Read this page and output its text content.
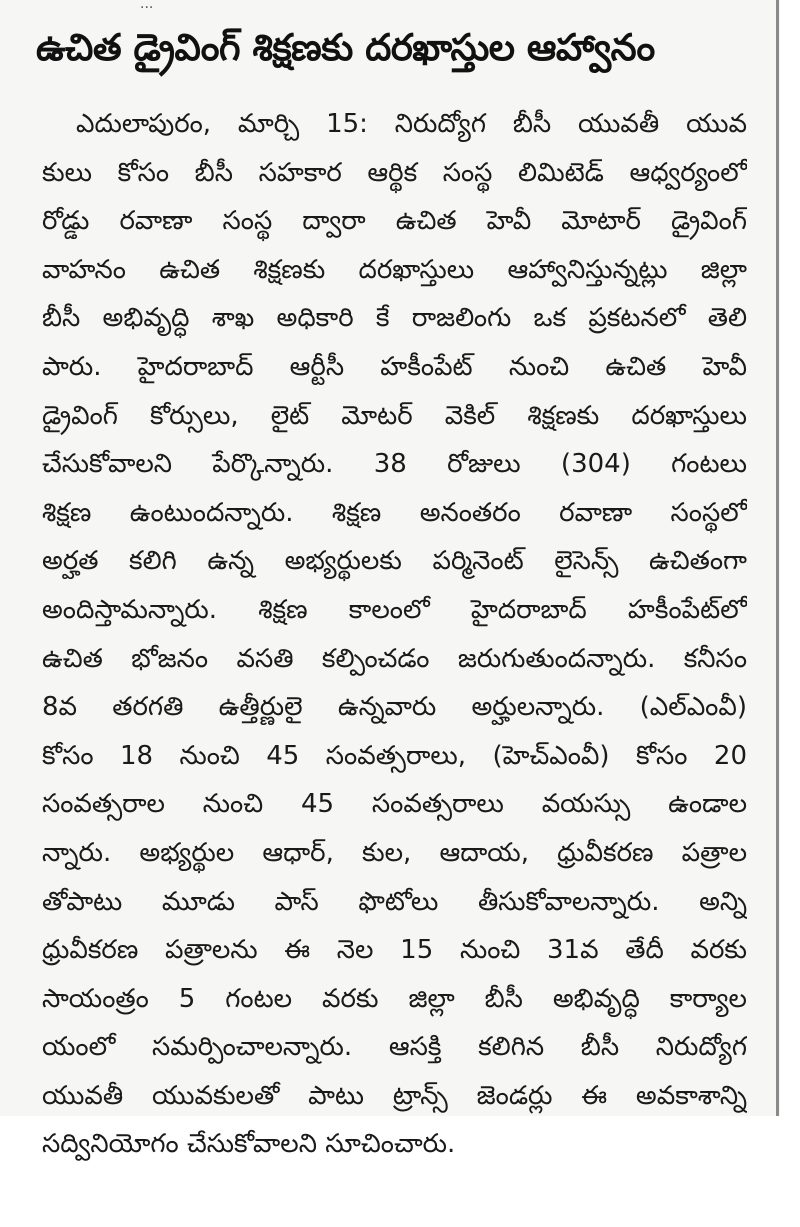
...
ఉచిత డ్రైవింగ్ శిక్షణకు దరఖాస్తుల ఆహ్వానం
ఎదులాపురం, మార్చి 15: నిరుద్యోగ బీసీ యువతీ యువ
కులు కోసం బీసీ సహకార ఆర్థిక సంస్థ లిమిటెడ్ ఆధ్వర్యంలో
రోడ్డు రవాణా సంస్థ ద్వారా ఉచిత హెవీ మోటార్ డ్రైవింగ్
వాహనం ఉచిత శిక్షణకు దరఖాస్తులు ఆహ్వానిస్తున్నట్లు జిల్లా
బీసీ అభివృద్ధి శాఖ అధికారి కే రాజలింగు ఒక ప్రకటనలో తెలి
పారు. హైదరాబాద్ ఆర్టీసీ హకీంపేట్ నుంచి ఉచిత హెవీ
డ్రైవింగ్ కోర్సులు, లైట్ మోటర్ వెకిల్ శిక్షణకు దరఖాస్తులు
చేసుకోవాలని పేర్కొన్నారు. 38 రోజులు (304) గంటలు
శిక్షణ ఉంటుందన్నారు. శిక్షణ అనంతరం రవాణా సంస్థలో
అర్హత కలిగి ఉన్న అభ్యర్థులకు పర్మినెంట్ లైసెన్స్ ఉచితంగా
అందిస్తామన్నారు. శిక్షణ కాలంలో హైదరాబాద్ హకీంపేట్‌లో
ఉచిత భోజనం వసతి కల్పించడం జరుగుతుందన్నారు. కనీసం
8వ తరగతి ఉత్తీర్ణులై ఉన్నవారు అర్హులన్నారు. (ఎల్ఎంవీ)
కోసం 18 నుంచి 45 సంవత్సరాలు, (హెచ్ఎంవీ) కోసం 20
సంవత్సరాల నుంచి 45 సంవత్సరాలు వయస్సు ఉండాల
న్నారు. అభ్యర్థుల ఆధార్, కుల, ఆదాయ, ధ్రువీకరణ పత్రాల
తోపాటు మూడు పాస్ ఫొటోలు తీసుకోవాలన్నారు. అన్ని
ధ్రువీకరణ పత్రాలను ఈ నెల 15 నుంచి 31వ తేదీ వరకు
సాయంత్రం 5 గంటల వరకు జిల్లా బీసీ అభివృద్ధి కార్యాల
యంలో సమర్పించాలన్నారు. ఆసక్తి కలిగిన బీసీ నిరుద్యోగ
యువతీ యువకులతో పాటు ట్రాన్స్ జెండర్లు ఈ అవకాశాన్ని
సద్వినియోగం చేసుకోవాలని సూచించారు.
